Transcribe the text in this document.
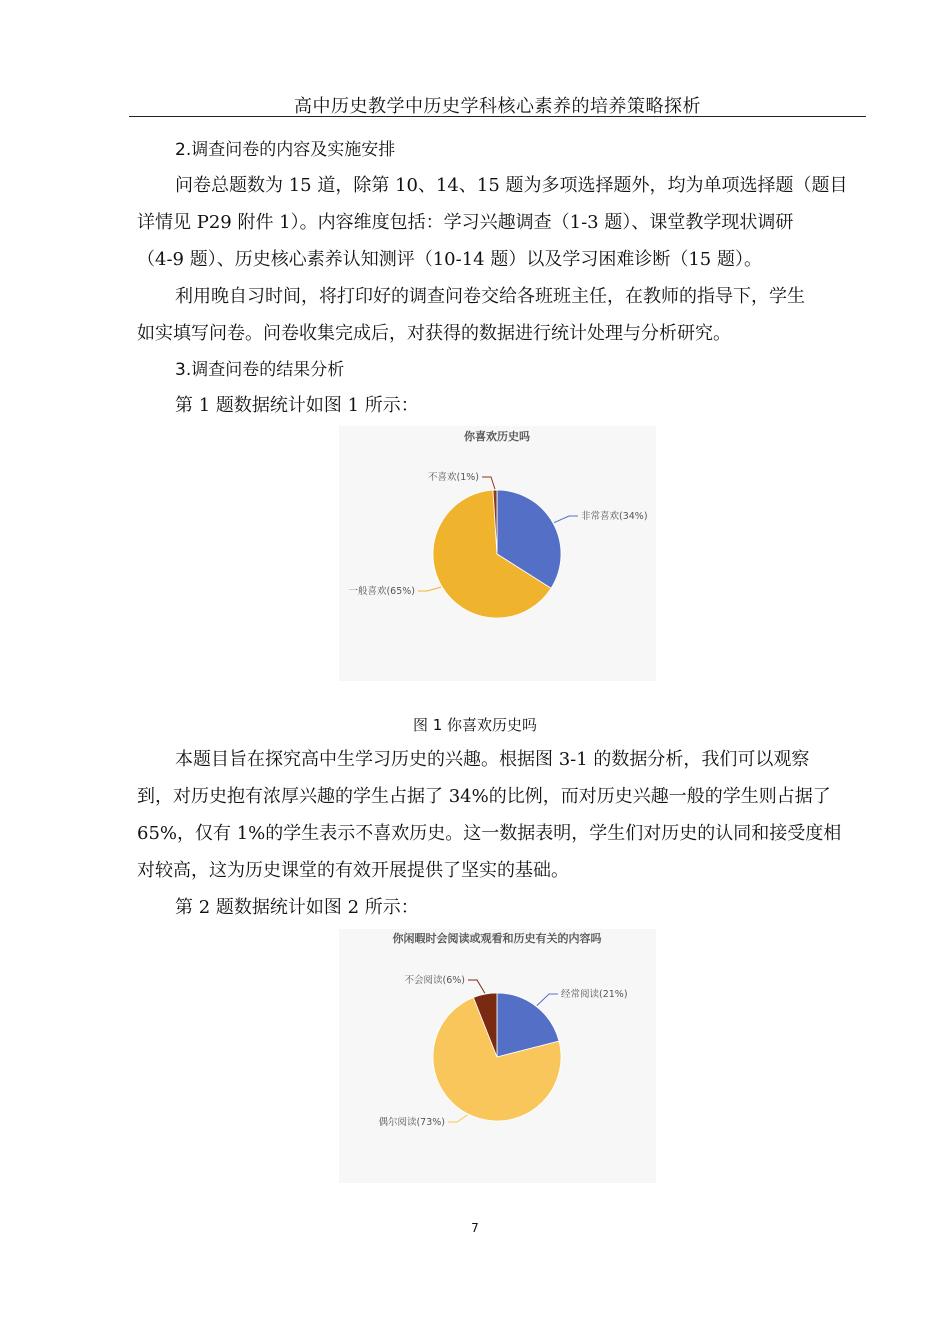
高中历史教学中历史学科核心素养的培养策略探析
2.调查问卷的内容及实施安排
问卷总题数为 15 道，除第 10、14、15 题为多项选择题外，均为单项选择题（题目
详情见 P29 附件 1）。内容维度包括：学习兴趣调查（1-3 题）、课堂教学现状调研
（4-9 题）、历史核心素养认知测评（10-14 题）以及学习困难诊断（15 题）。
利用晚自习时间，将打印好的调查问卷交给各班班主任，在教师的指导下，学生
如实填写问卷。问卷收集完成后，对获得的数据进行统计处理与分析研究。
3.调查问卷的结果分析
第 1 题数据统计如图 1 所示：
你喜欢历史吗
非常喜欢(34%)
一般喜欢(65%)
不喜欢(1%)
图 1 你喜欢历史吗
本题目旨在探究高中生学习历史的兴趣。根据图 3-1 的数据分析，我们可以观察
到，对历史抱有浓厚兴趣的学生占据了 34%的比例，而对历史兴趣一般的学生则占据了
65%，仅有 1%的学生表示不喜欢历史。这一数据表明，学生们对历史的认同和接受度相
对较高，这为历史课堂的有效开展提供了坚实的基础。
第 2 题数据统计如图 2 所示：
你闲暇时会阅读或观看和历史有关的内容吗
经常阅读(21%)
偶尔阅读(73%)
不会阅读(6%)
7
